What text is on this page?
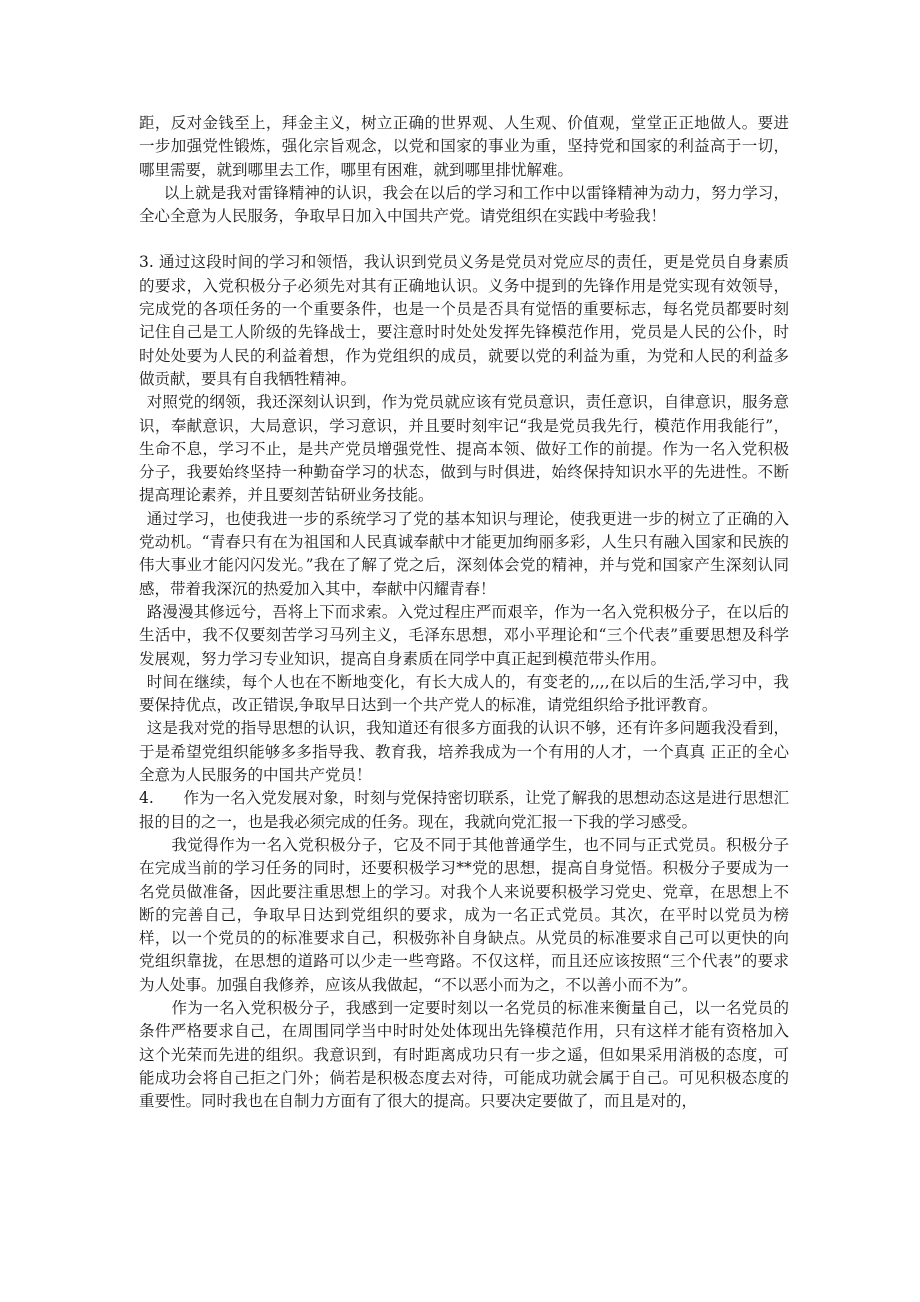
距，反对金钱至上，拜金主义，树立正确的世界观、人生观、价值观，堂堂正正地做人。要进一步加强党性锻炼，强化宗旨观念，以党和国家的事业为重，坚持党和国家的利益高于一切，哪里需要，就到哪里去工作，哪里有困难，就到哪里排忧解难。

以上就是我对雷锋精神的认识，我会在以后的学习和工作中以雷锋精神为动力，努力学习，全心全意为人民服务，争取早日加入中国共产党。请党组织在实践中考验我！

3. 通过这段时间的学习和领悟，我认识到党员义务是党员对党应尽的责任，更是党员自身素质的要求，入党积极分子必须先对其有正确地认识。义务中提到的先锋作用是党实现有效领导，完成党的各项任务的一个重要条件，也是一个员是否具有觉悟的重要标志，每名党员都要时刻记住自己是工人阶级的先锋战士，要注意时时处处发挥先锋模范作用，党员是人民的公仆，时时处处要为人民的利益着想，作为党组织的成员，就要以党的利益为重，为党和人民的利益多做贡献，要具有自我牺牲精神。

对照党的纲领，我还深刻认识到，作为党员就应该有党员意识，责任意识，自律意识，服务意识，奉献意识，大局意识，学习意识，并且要时刻牢记“我是党员我先行，模范作用我能行”，生命不息，学习不止，是共产党员增强党性、提高本领、做好工作的前提。作为一名入党积极分子，我要始终坚持一种勤奋学习的状态，做到与时俱进，始终保持知识水平的先进性。不断提高理论素养，并且要刻苦钻研业务技能。

通过学习，也使我进一步的系统学习了党的基本知识与理论，使我更进一步的树立了正确的入党动机。“青春只有在为祖国和人民真诚奉献中才能更加绚丽多彩，人生只有融入国家和民族的伟大事业才能闪闪发光。”我在了解了党之后，深刻体会党的精神，并与党和国家产生深刻认同感，带着我深沉的热爱加入其中，奉献中闪耀青春！

路漫漫其修远兮，吾将上下而求索。入党过程庄严而艰辛，作为一名入党积极分子，在以后的生活中，我不仅要刻苦学习马列主义，毛泽东思想，邓小平理论和“三个代表”重要思想及科学发展观，努力学习专业知识，提高自身素质在同学中真正起到模范带头作用。

时间在继续，每个人也在不断地变化，有长大成人的，有变老的,,,,在以后的生活,学习中，我要保持优点，改正错误,争取早日达到一个共产党人的标准，请党组织给予批评教育。

这是我对党的指导思想的认识，我知道还有很多方面我的认识不够，还有许多问题我没看到，于是希望党组织能够多多指导我、教育我，培养我成为一个有用的人才，一个真真 正正的全心全意为人民服务的中国共产党员！

4.      作为一名入党发展对象，时刻与党保持密切联系，让党了解我的思想动态这是进行思想汇报的目的之一，也是我必须完成的任务。现在，我就向党汇报一下我的学习感受。

我觉得作为一名入党积极分子，它及不同于其他普通学生，也不同与正式党员。积极分子在完成当前的学习任务的同时，还要积极学习**党的思想，提高自身觉悟。积极分子要成为一名党员做准备，因此要注重思想上的学习。对我个人来说要积极学习党史、党章，在思想上不断的完善自己，争取早日达到党组织的要求，成为一名正式党员。其次，在平时以党员为榜样，以一个党员的的标准要求自己，积极弥补自身缺点。从党员的标准要求自己可以更快的向党组织靠拢，在思想的道路可以少走一些弯路。不仅这样，而且还应该按照“三个代表”的要求为人处事。加强自我修养，应该从我做起，“不以恶小而为之，不以善小而不为”。

作为一名入党积极分子，我感到一定要时刻以一名党员的标准来衡量自己，以一名党员的条件严格要求自己，在周围同学当中时时处处体现出先锋模范作用，只有这样才能有资格加入这个光荣而先进的组织。我意识到，有时距离成功只有一步之遥，但如果采用消极的态度，可能成功会将自己拒之门外；倘若是积极态度去对待，可能成功就会属于自己。可见积极态度的重要性。同时我也在自制力方面有了很大的提高。只要决定要做了，而且是对的，
